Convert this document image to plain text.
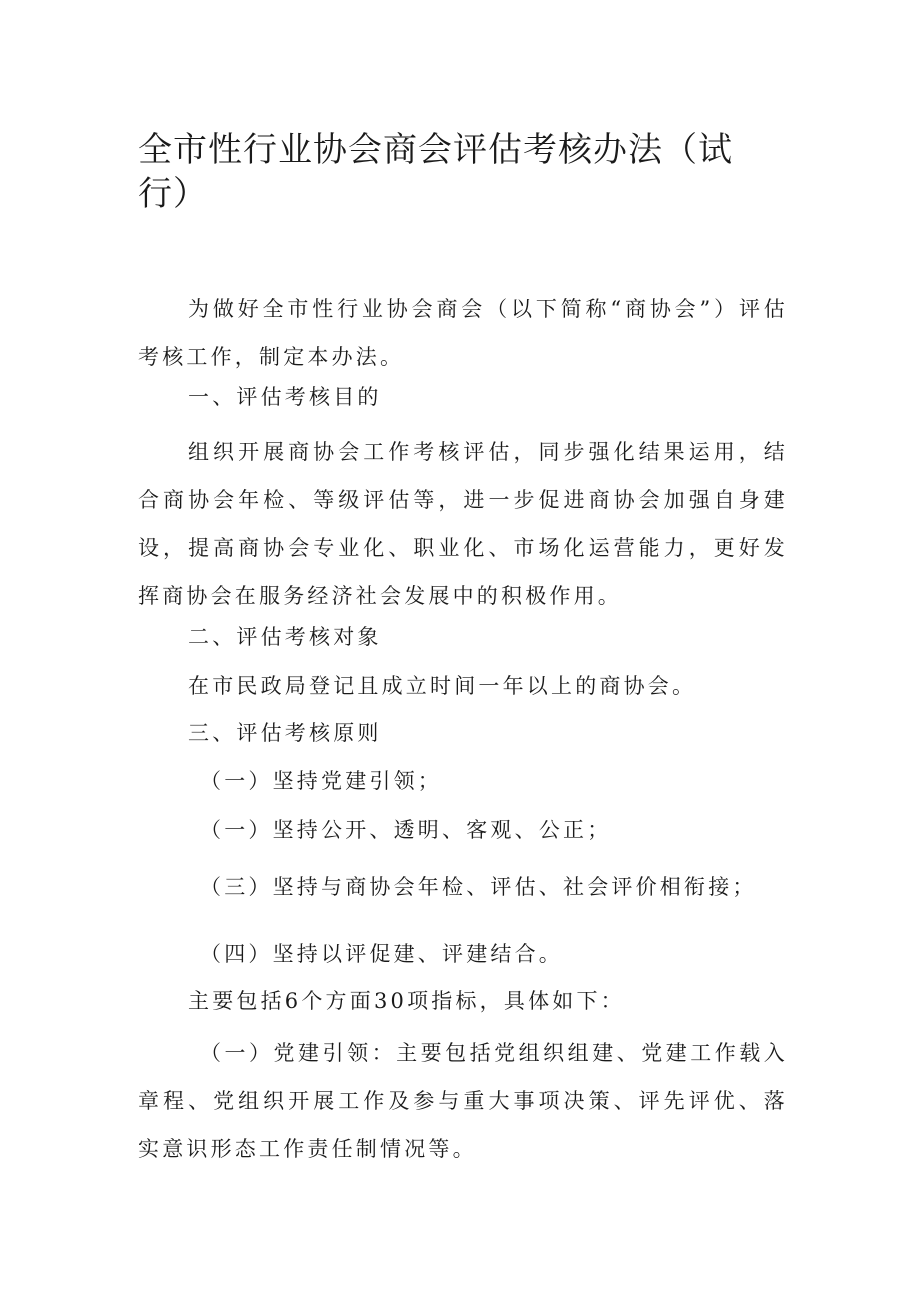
全市性行业协会商会评估考核办法（试行）

为做好全市性行业协会商会（以下简称“商协会”）评估考核工作，制定本办法。

一、评估考核目的

组织开展商协会工作考核评估，同步强化结果运用，结合商协会年检、等级评估等，进一步促进商协会加强自身建设，提高商协会专业化、职业化、市场化运营能力，更好发挥商协会在服务经济社会发展中的积极作用。

二、评估考核对象

在市民政局登记且成立时间一年以上的商协会。

三、评估考核原则

（一）坚持党建引领；

（一）坚持公开、透明、客观、公正；

（三）坚持与商协会年检、评估、社会评价相衔接；

（四）坚持以评促建、评建结合。

主要包括6个方面30项指标，具体如下：

（一）党建引领：主要包括党组织组建、党建工作载入章程、党组织开展工作及参与重大事项决策、评先评优、落实意识形态工作责任制情况等。
